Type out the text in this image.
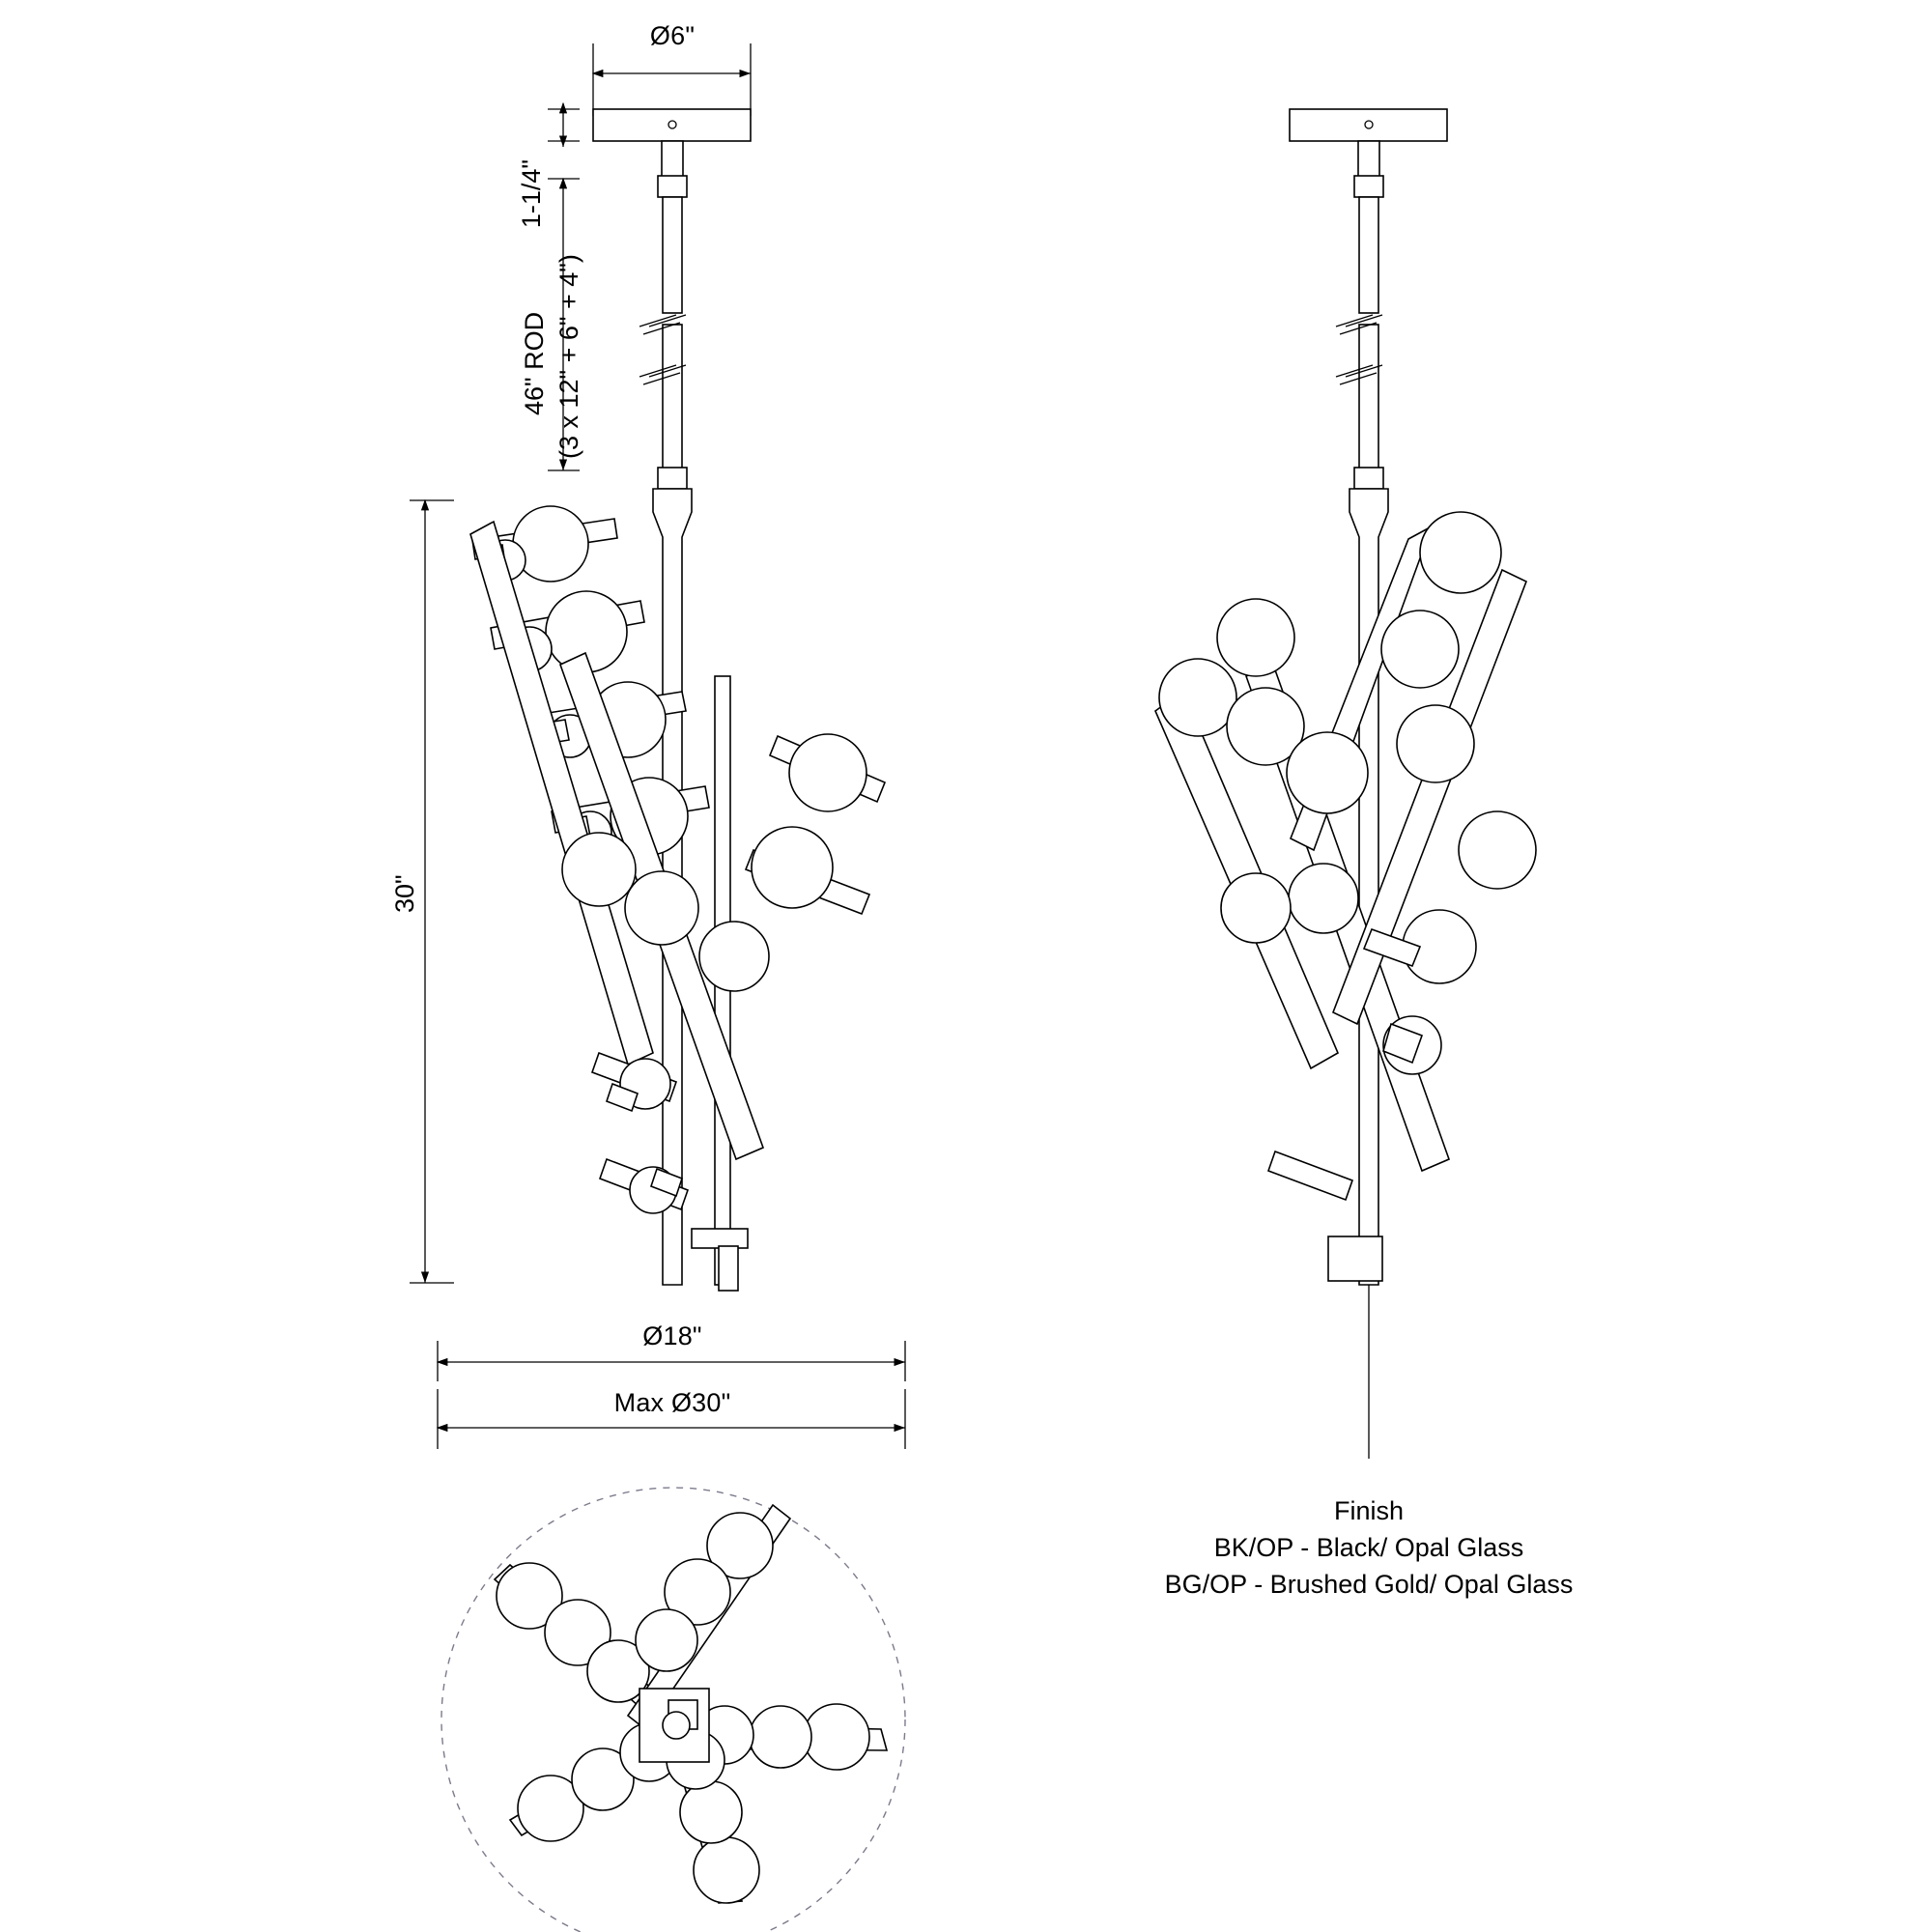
Ø6"
1-1/4"
46" ROD (3 x 12" + 6" + 4")
30"
Ø18"
Max Ø30"
Finish
BK/OP - Black/ Opal Glass
BG/OP - Brushed Gold/ Opal Glass
